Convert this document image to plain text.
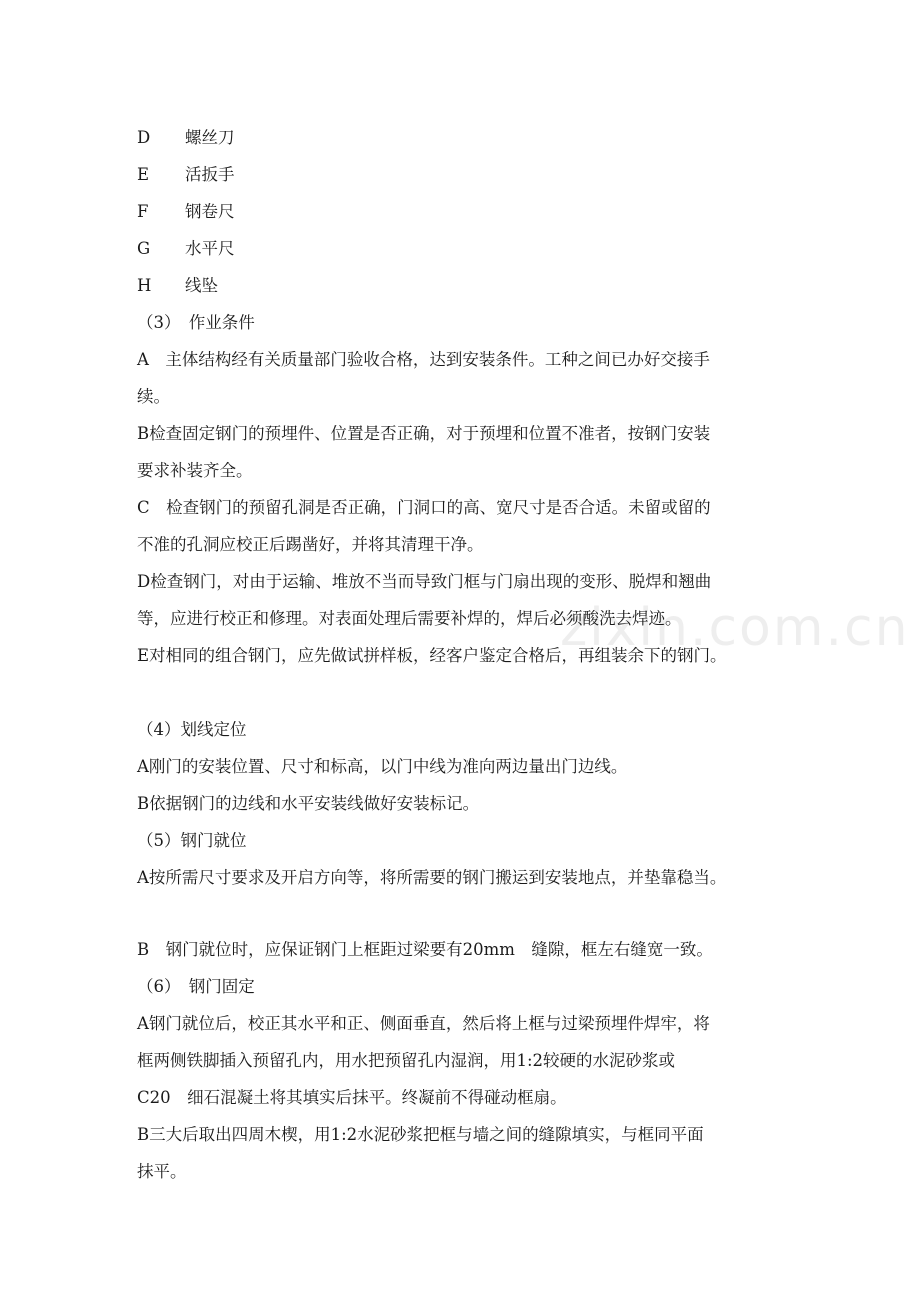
zixin.com.cn
D	螺丝刀
E	活扳手
F	钢卷尺
G	水平尺
H	线坠
（3）　作业条件
A　主体结构经有关质量部门验收合格，达到安装条件。工种之间已办好交接手
续。
B检查固定钢门的预埋件、位置是否正确，对于预埋和位置不准者，按钢门安装
要求补装齐全。
C　检查钢门的预留孔洞是否正确，门洞口的高、宽尺寸是否合适。未留或留的
不准的孔洞应校正后踢凿好，并将其清理干净。
D检查钢门，对由于运输、堆放不当而导致门框与门扇出现的变形、脱焊和翘曲
等，应进行校正和修理。对表面处理后需要补焊的，焊后必须酸洗去焊迹。
E对相同的组合钢门，应先做试拼样板，经客户鉴定合格后，再组装余下的钢门。
（4）划线定位
A刚门的安装位置、尺寸和标高，以门中线为准向两边量出门边线。
B依据钢门的边线和水平安装线做好安装标记。
（5）钢门就位
A按所需尺寸要求及开启方向等，将所需要的钢门搬运到安装地点，并垫靠稳当。
B　钢门就位时，应保证钢门上框距过梁要有20mm　缝隙，框左右缝宽一致。
（6）　钢门固定
A钢门就位后，校正其水平和正、侧面垂直，然后将上框与过梁预埋件焊牢，将
框两侧铁脚插入预留孔内，用水把预留孔内湿润，用1:2较硬的水泥砂浆或
C20　细石混凝土将其填实后抹平。终凝前不得碰动框扇。
B三大后取出四周木楔，用1:2水泥砂浆把框与墙之间的缝隙填实，与框同平面
抹平。
